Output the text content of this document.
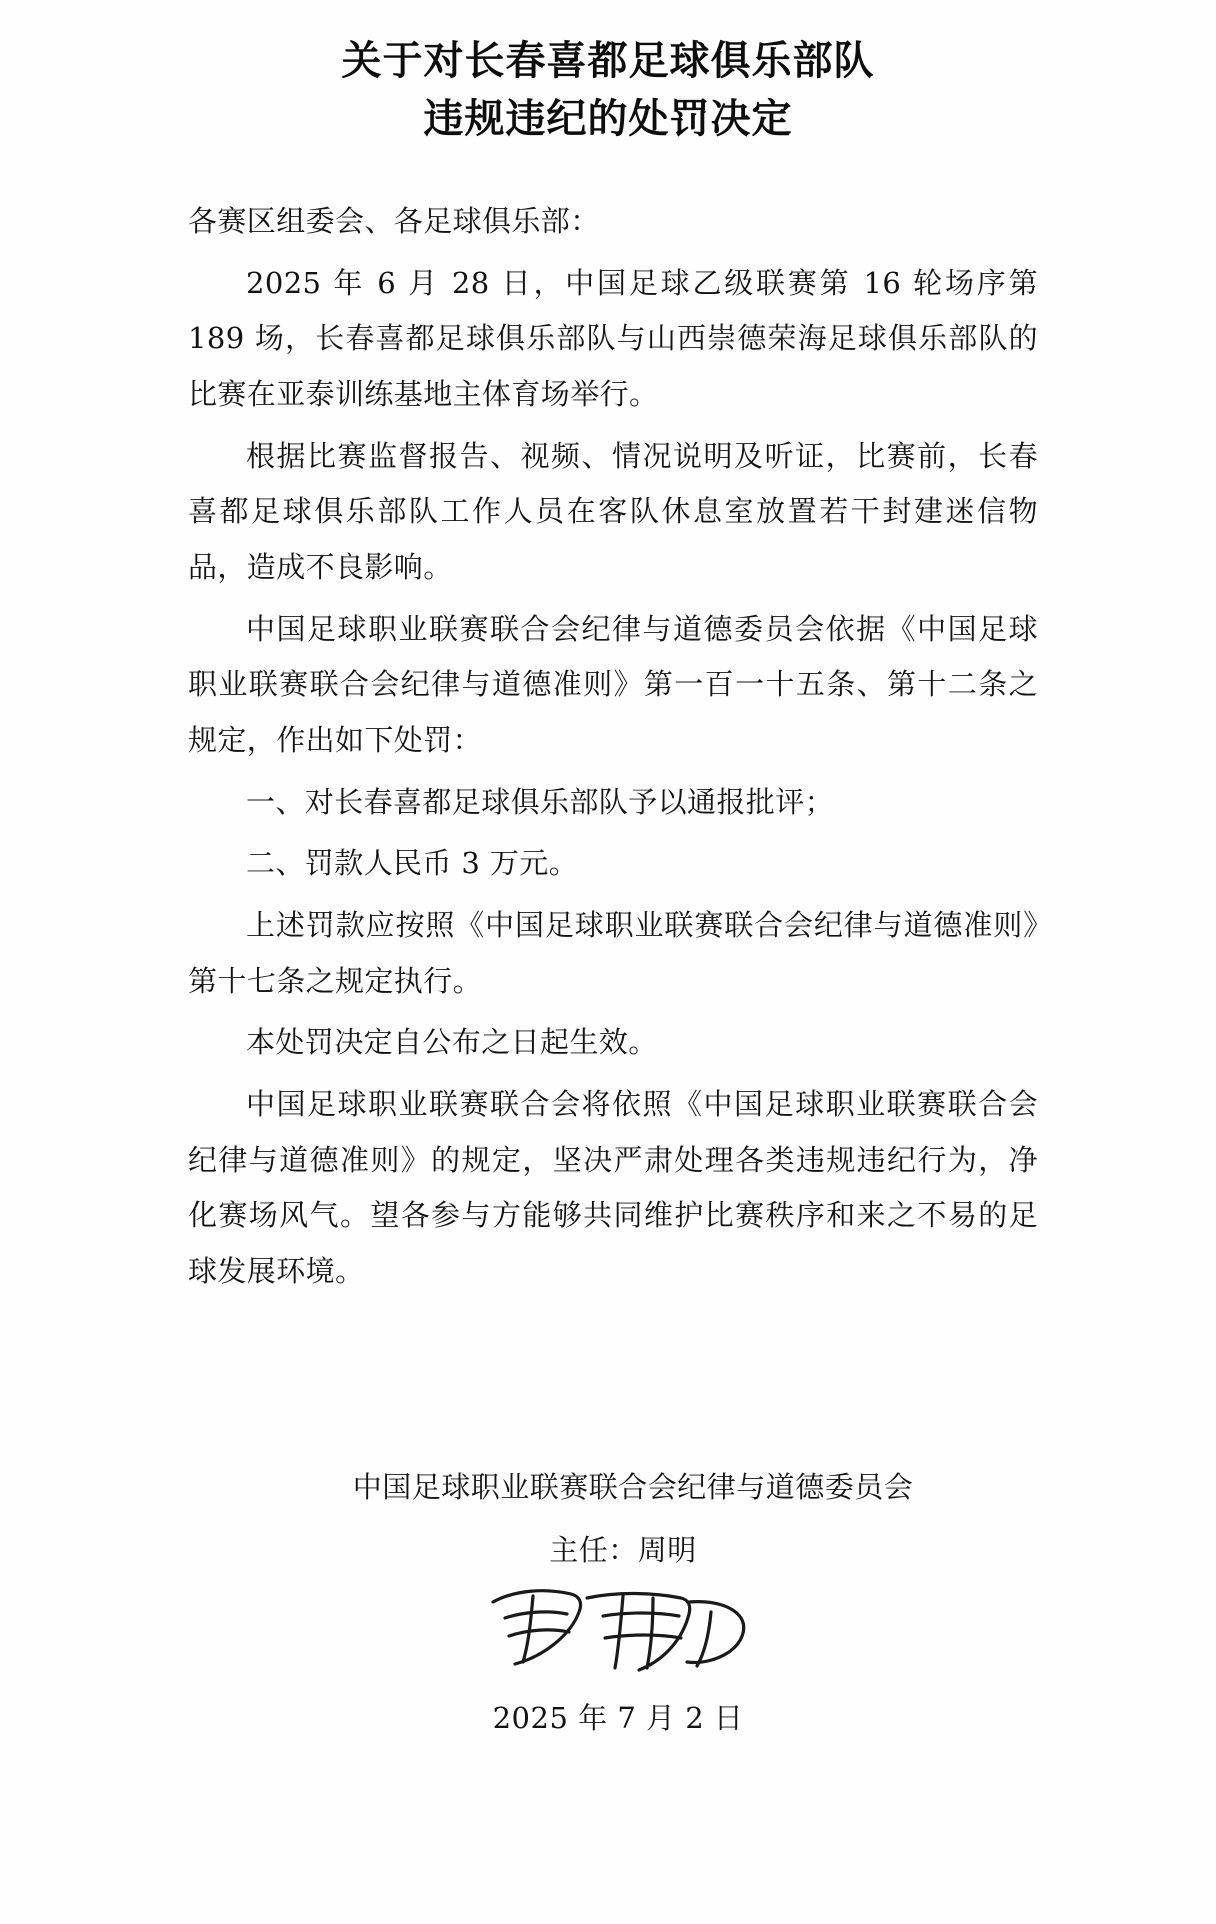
关于对长春喜都足球俱乐部队
违规违纪的处罚决定

各赛区组委会、各足球俱乐部：

2025 年 6 月 28 日，中国足球乙级联赛第 16 轮场序第 189 场，长春喜都足球俱乐部队与山西崇德荣海足球俱乐部队的比赛在亚泰训练基地主体育场举行。

根据比赛监督报告、视频、情况说明及听证，比赛前，长春喜都足球俱乐部队工作人员在客队休息室放置若干封建迷信物品，造成不良影响。

中国足球职业联赛联合会纪律与道德委员会依据《中国足球职业联赛联合会纪律与道德准则》第一百一十五条、第十二条之规定，作出如下处罚：

一、对长春喜都足球俱乐部队予以通报批评；

二、罚款人民币 3 万元。

上述罚款应按照《中国足球职业联赛联合会纪律与道德准则》第十七条之规定执行。

本处罚决定自公布之日起生效。

中国足球职业联赛联合会将依照《中国足球职业联赛联合会纪律与道德准则》的规定，坚决严肃处理各类违规违纪行为，净化赛场风气。望各参与方能够共同维护比赛秩序和来之不易的足球发展环境。

中国足球职业联赛联合会纪律与道德委员会
主任：周明
2025 年 7 月 2 日
